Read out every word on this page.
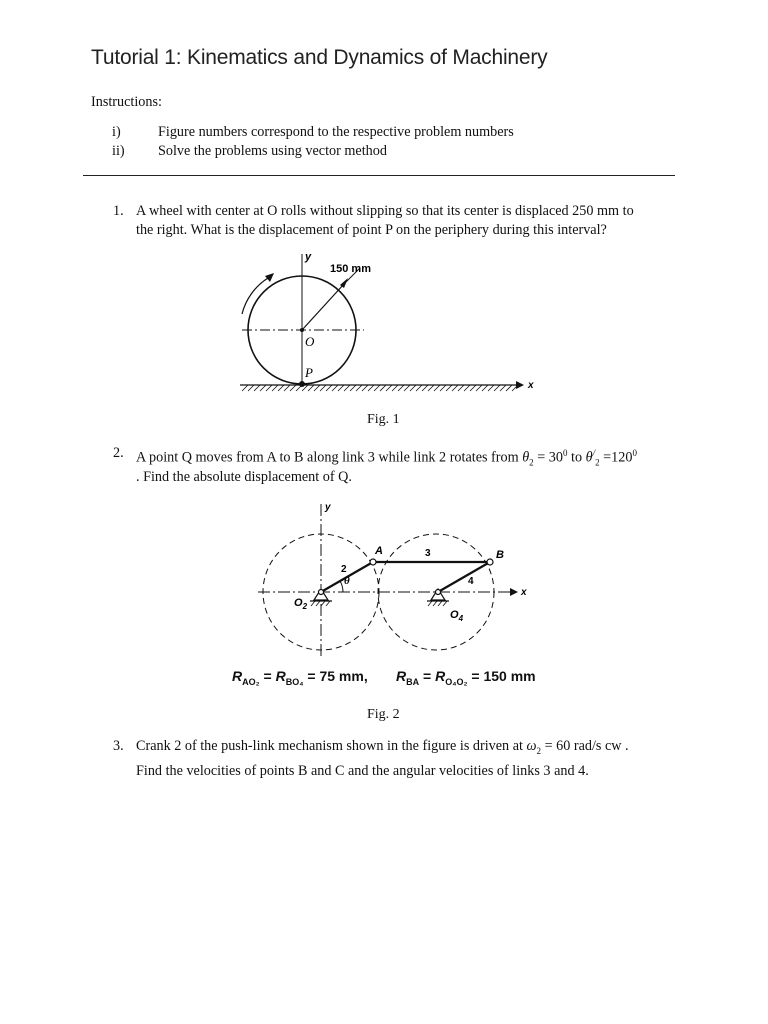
Tutorial 1: Kinematics and Dynamics of Machinery
Instructions:
i)	Figure numbers correspond to the respective problem numbers
ii) Solve the problems using vector method
1. A wheel with center at O rolls without slipping so that its center is displaced 250 mm to
the right. What is the displacement of point P on the periphery during this interval?
y
150 mm
O
P
x
Fig. 1
2. A point Q moves from A to B along link 3 while link 2 rotates from $\theta_2 = 30^0$ to $\theta^/_2 =120^0$
. Find the absolute displacement of Q.
y
x
A	B
2
3
4
θ
$O_2$
$O_4$
$R_{AO_2} = R_{BO_4} = 75$ mm, $R_{BA} = R_{O_4O_2} = 150$ mm
Fig. 2
3. Crank 2 of the push-link mechanism shown in the figure is driven at $\omega_2 = 60$ rad/s cw .
Find the velocities of points B and C and the angular velocities of links 3 and 4.
